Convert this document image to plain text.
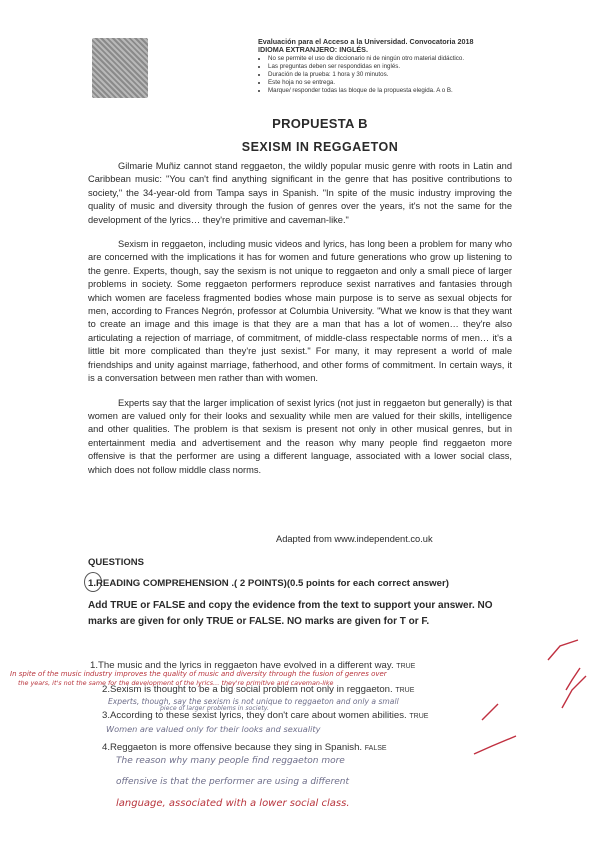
Evaluación para el Acceso a la Universidad. Convocatoria 2018
IDIOMA EXTRANJERO: INGLÉS.
• No se permite el uso de diccionario ni de ningún otro material didáctico.
• Las preguntas deben ser respondidas en inglés.
• Duración de la prueba: 1 hora y 30 minutos.
• Este hoja no se entrega.
• Marque/ responder todas las bloque de la propuesta elegida. A o B.
PROPUESTA B
SEXISM IN REGGAETON

Gilmarie Muñiz cannot stand reggaeton, the wildly popular music genre with roots in Latin and Caribbean music: "You can't find anything significant in the genre that has positive contributions to society," the 34-year-old from Tampa says in Spanish. "In spite of the music industry improving the quality of music and diversity through the fusion of genres over the years, it's not the same for the development of the lyrics… they're primitive and caveman-like."

Sexism in reggaeton, including music videos and lyrics, has long been a problem for many who are concerned with the implications it has for women and future generations who grow up listening to the genre. Experts, though, say the sexism is not unique to reggaeton and only a small piece of larger problems in society. Some reggaeton performers reproduce sexist narratives and fantasies through which women are faceless fragmented bodies whose main purpose is to serve as sexual objects for men, according to Frances Negrón, professor at Columbia University. "What we know is that they want to create an image and this image is that they are a man that has a lot of women… they're also articulating a rejection of marriage, of commitment, of middle-class respectable norms of men… it's a little bit more complicated than they're just sexist." For many, it may represent a world of male friendships and unity against marriage, fatherhood, and other forms of commitment. In certain ways, it is a conversation between men rather than with women.

Experts say that the larger implication of sexist lyrics (not just in reggaeton but generally) is that women are valued only for their looks and sexuality while men are valued for their skills, intelligence and other qualities. The problem is that sexism is present not only in other musical genres, but in entertainment media and advertisement and the reason why many people find reggaeton more offensive is that the performer are using a different language, associated with a lower social class, which does not follow middle class norms.

Adapted from www.independent.co.uk
QUESTIONS
1.READING COMPREHENSION .( 2 POINTS)(0.5 points for each correct answer)
Add TRUE or FALSE and copy the evidence from the text to support your answer. NO marks are given for only TRUE or FALSE. NO marks are given for T or F.
1.The music and the lyrics in reggaeton have evolved in a different way. TRUE
2.Sexism is thought to be a big social problem not only in reggaeton. TRUE
3.According to these sexist lyrics, they don't care about women abilities. TRUE
4.Reggaeton is more offensive because they sing in Spanish. FALSE
In spite of the music industry improves the quality of music and diversity through the fusion of genres over
the years, it's not the same for the development of the lyrics… they're primitive and caveman-like
Experts, though, say the sexism is not unique to reggaeton and only a small
piece of larger problems in society.
Women are valued only for their looks and sexuality
The reason why many people find reggaeton more
offensive is that the performer are using a different
language, associated with a lower social class.
